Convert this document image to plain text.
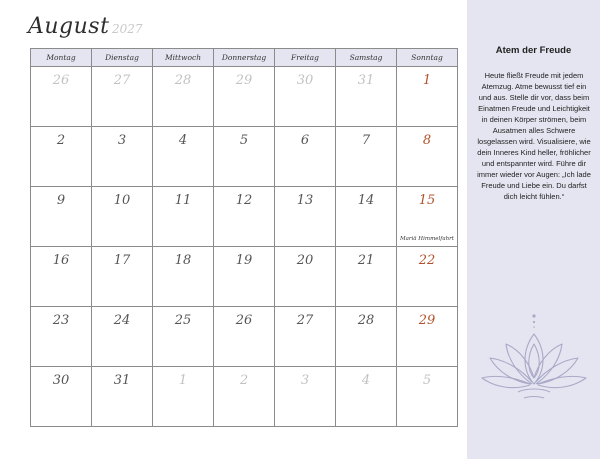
August 2027
Montag	Dienstag	Mittwoch	Donnerstag	Freitag	Samstag	Sonntag

26	27	28	29	30	31	1

2	3	4	5	6	7	8

9	10	11	12	13	14	15
Mariä Himmelfahrt

16	17	18	19	20	21	22

23	24	25	26	27	28	29

30	31	1	2	3	4	5
Atem der Freude
Heute fließt Freude mit jedem Atemzug. Atme bewusst tief ein und aus. Stelle dir vor, dass beim Einatmen Freude und Leichtigkeit in deinen Körper strömen, beim Ausatmen alles Schwere losgelassen wird. Visualisiere, wie dein Inneres Kind heller, fröhlicher und entspannter wird. Führe dir immer wieder vor Augen: „Ich lade Freude und Liebe ein. Du darfst dich leicht fühlen.“
